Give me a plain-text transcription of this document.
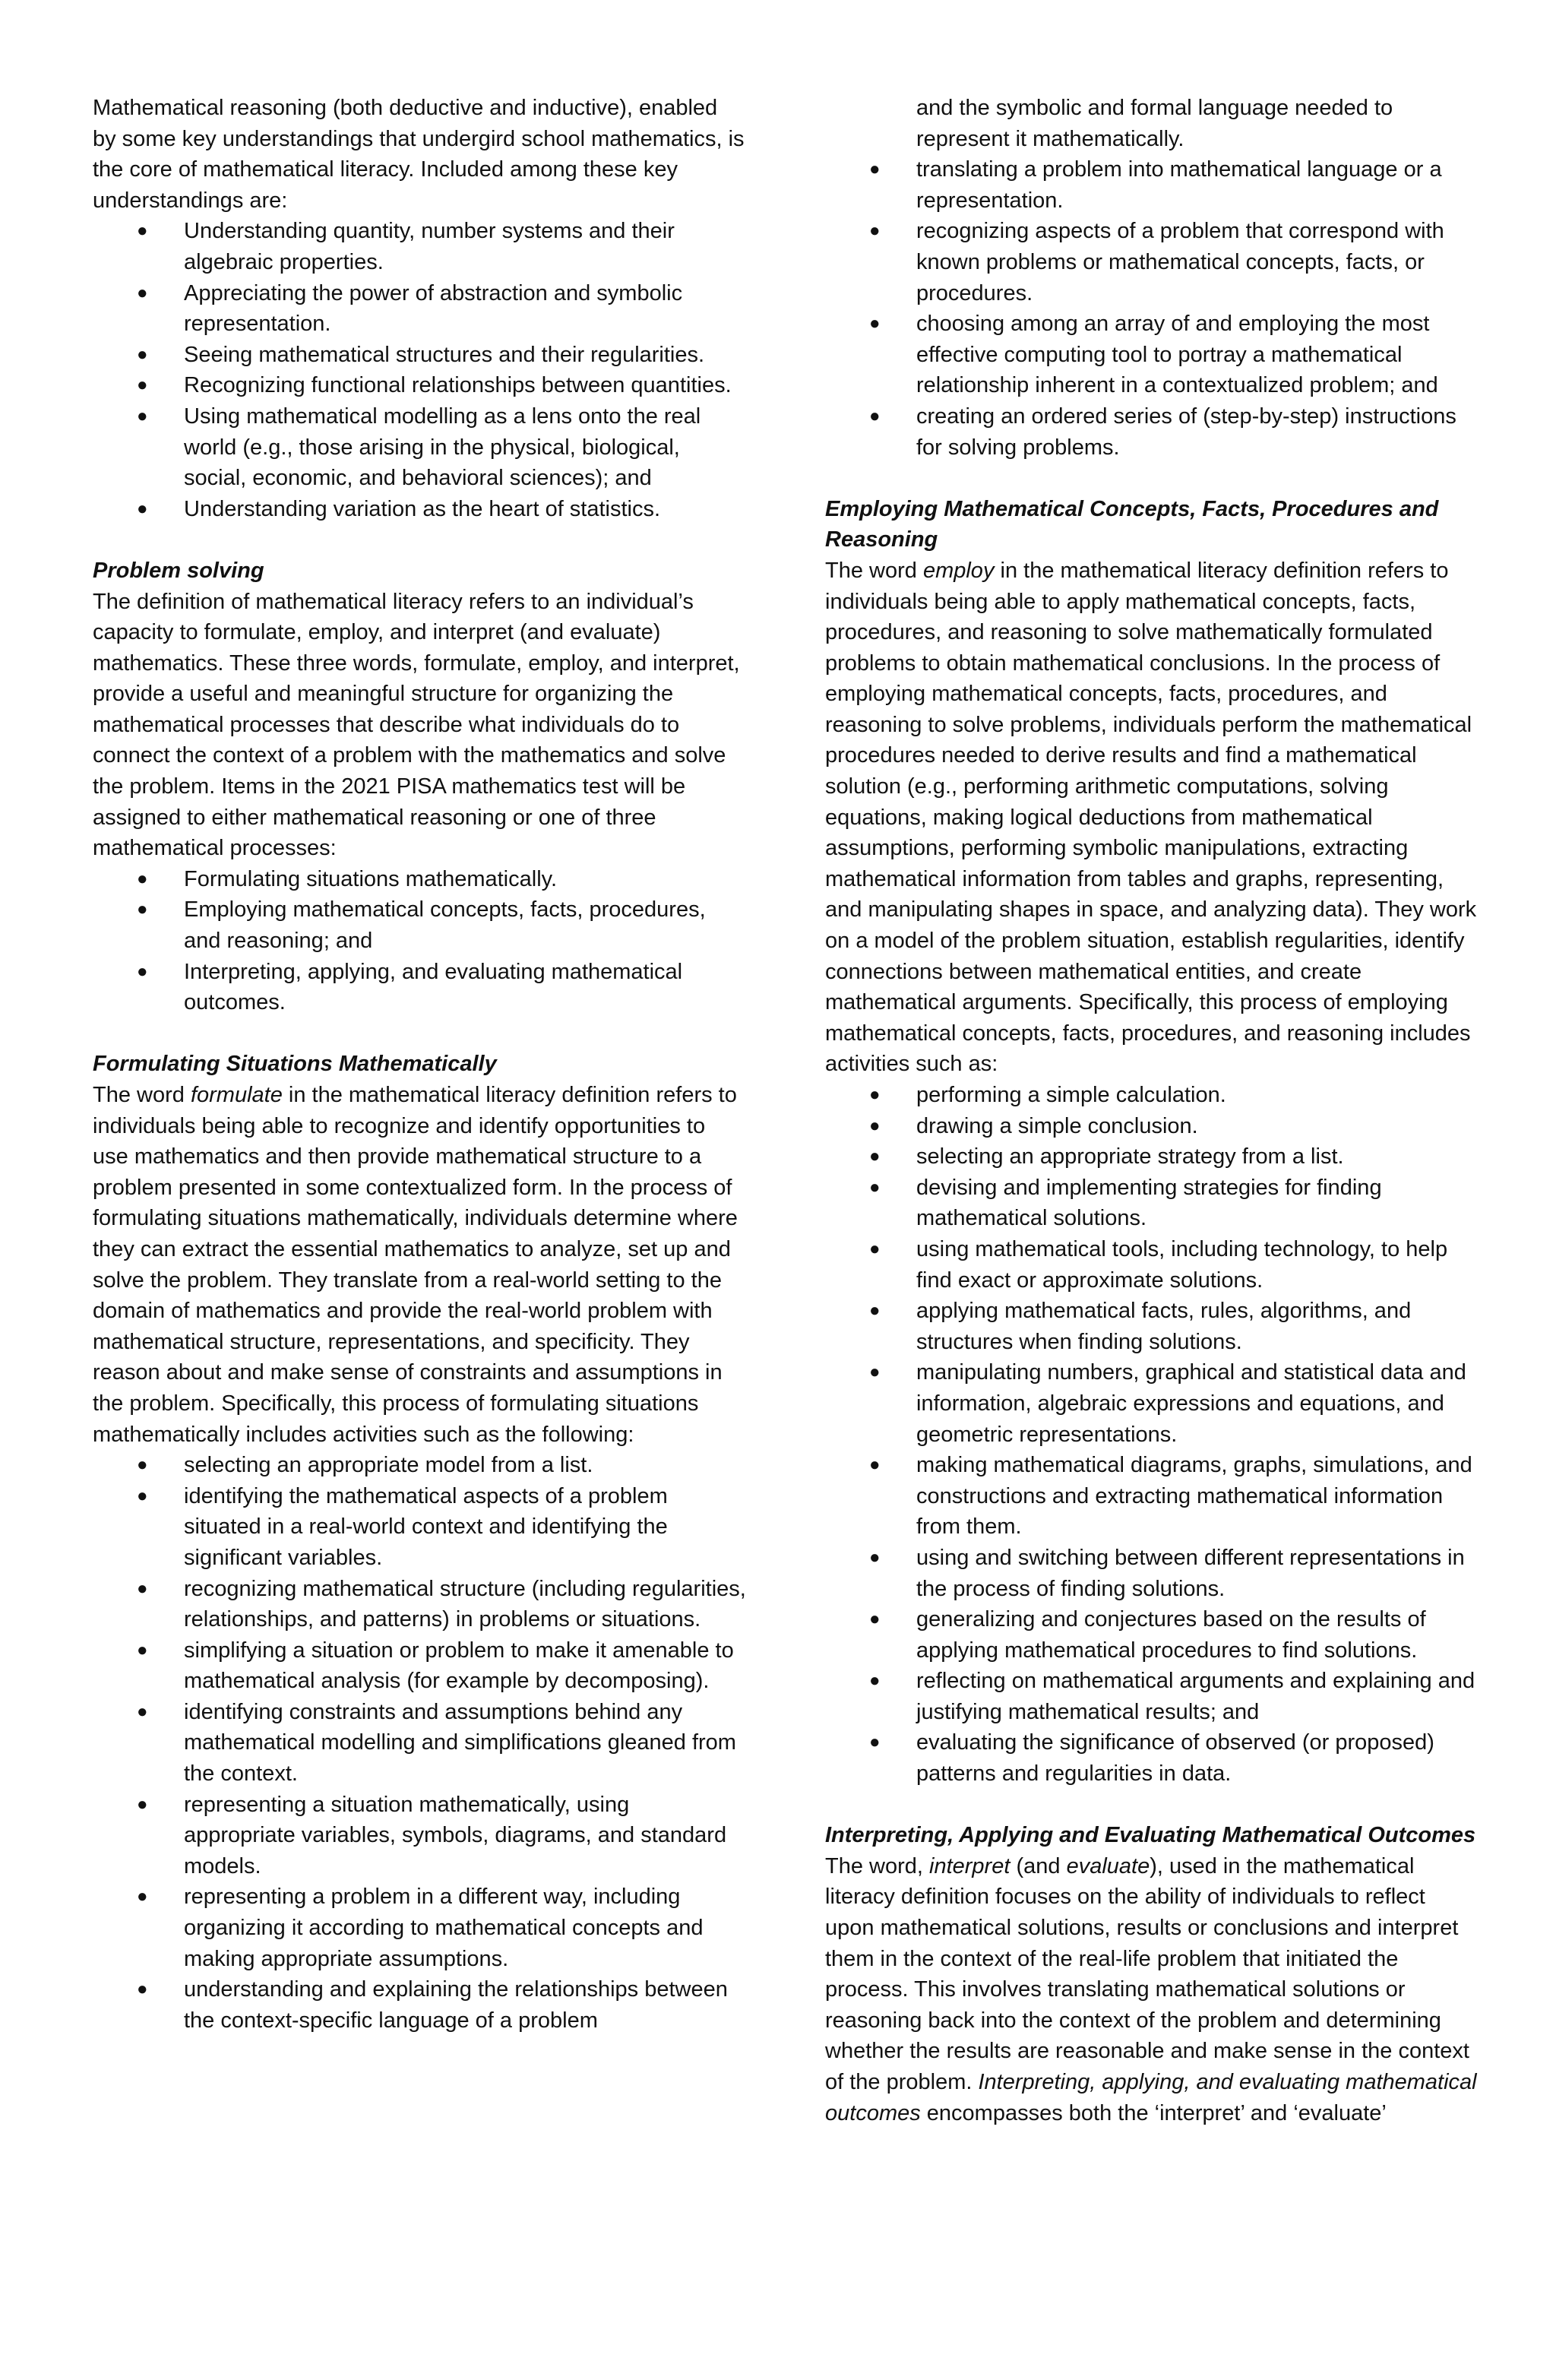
Mathematical reasoning (both deductive and inductive), enabled by some key understandings that undergird school mathematics, is the core of mathematical literacy. Included among these key understandings are:

● Understanding quantity, number systems and their algebraic properties.
● Appreciating the power of abstraction and symbolic representation.
● Seeing mathematical structures and their regularities.
● Recognizing functional relationships between quantities.
● Using mathematical modelling as a lens onto the real world (e.g., those arising in the physical, biological, social, economic, and behavioral sciences); and
● Understanding variation as the heart of statistics.
Problem solving

The definition of mathematical literacy refers to an individual’s capacity to formulate, employ, and interpret (and evaluate) mathematics. These three words, formulate, employ, and interpret, provide a useful and meaningful structure for organizing the mathematical processes that describe what individuals do to connect the context of a problem with the mathematics and solve the problem. Items in the 2021 PISA mathematics test will be assigned to either mathematical reasoning or one of three mathematical processes:

● Formulating situations mathematically.
● Employing mathematical concepts, facts, procedures, and reasoning; and
● Interpreting, applying, and evaluating mathematical outcomes.
Formulating Situations Mathematically

The word formulate in the mathematical literacy definition refers to individuals being able to recognize and identify opportunities to use mathematics and then provide mathematical structure to a problem presented in some contextualized form. In the process of formulating situations mathematically, individuals determine where they can extract the essential mathematics to analyze, set up and solve the problem. They translate from a real-world setting to the domain of mathematics and provide the real-world problem with mathematical structure, representations, and specificity. They reason about and make sense of constraints and assumptions in the problem. Specifically, this process of formulating situations mathematically includes activities such as the following:

● selecting an appropriate model from a list.
● identifying the mathematical aspects of a problem situated in a real-world context and identifying the significant variables.
● recognizing mathematical structure (including regularities, relationships, and patterns) in problems or situations.
● simplifying a situation or problem to make it amenable to mathematical analysis (for example by decomposing).
● identifying constraints and assumptions behind any mathematical modelling and simplifications gleaned from the context.
● representing a situation mathematically, using appropriate variables, symbols, diagrams, and standard models.
● representing a problem in a different way, including organizing it according to mathematical concepts and making appropriate assumptions.
● understanding and explaining the relationships between the context-specific language of a problem

and the symbolic and formal language needed to represent it mathematically.

● translating a problem into mathematical language or a representation.
● recognizing aspects of a problem that correspond with known problems or mathematical concepts, facts, or procedures.
● choosing among an array of and employing the most effective computing tool to portray a mathematical relationship inherent in a contextualized problem; and
● creating an ordered series of (step-by-step) instructions for solving problems.
Employing Mathematical Concepts, Facts, Procedures and Reasoning

The word employ in the mathematical literacy definition refers to individuals being able to apply mathematical concepts, facts, procedures, and reasoning to solve mathematically formulated problems to obtain mathematical conclusions. In the process of employing mathematical concepts, facts, procedures, and reasoning to solve problems, individuals perform the mathematical procedures needed to derive results and find a mathematical solution (e.g., performing arithmetic computations, solving equations, making logical deductions from mathematical assumptions, performing symbolic manipulations, extracting mathematical information from tables and graphs, representing, and manipulating shapes in space, and analyzing data). They work on a model of the problem situation, establish regularities, identify connections between mathematical entities, and create mathematical arguments. Specifically, this process of employing mathematical concepts, facts, procedures, and reasoning includes activities such as:

● performing a simple calculation.
● drawing a simple conclusion.
● selecting an appropriate strategy from a list.
● devising and implementing strategies for finding mathematical solutions.
● using mathematical tools, including technology, to help find exact or approximate solutions.
● applying mathematical facts, rules, algorithms, and structures when finding solutions.
● manipulating numbers, graphical and statistical data and information, algebraic expressions and equations, and geometric representations.
● making mathematical diagrams, graphs, simulations, and constructions and extracting mathematical information from them.
● using and switching between different representations in the process of finding solutions.
● generalizing and conjectures based on the results of applying mathematical procedures to find solutions.
● reflecting on mathematical arguments and explaining and justifying mathematical results; and
● evaluating the significance of observed (or proposed) patterns and regularities in data.
Interpreting, Applying and Evaluating Mathematical Outcomes

The word, interpret (and evaluate), used in the mathematical literacy definition focuses on the ability of individuals to reflect upon mathematical solutions, results or conclusions and interpret them in the context of the real-life problem that initiated the process. This involves translating mathematical solutions or reasoning back into the context of the problem and determining whether the results are reasonable and make sense in the context of the problem. Interpreting, applying, and evaluating mathematical outcomes encompasses both the ‘interpret’ and ‘evaluate’
